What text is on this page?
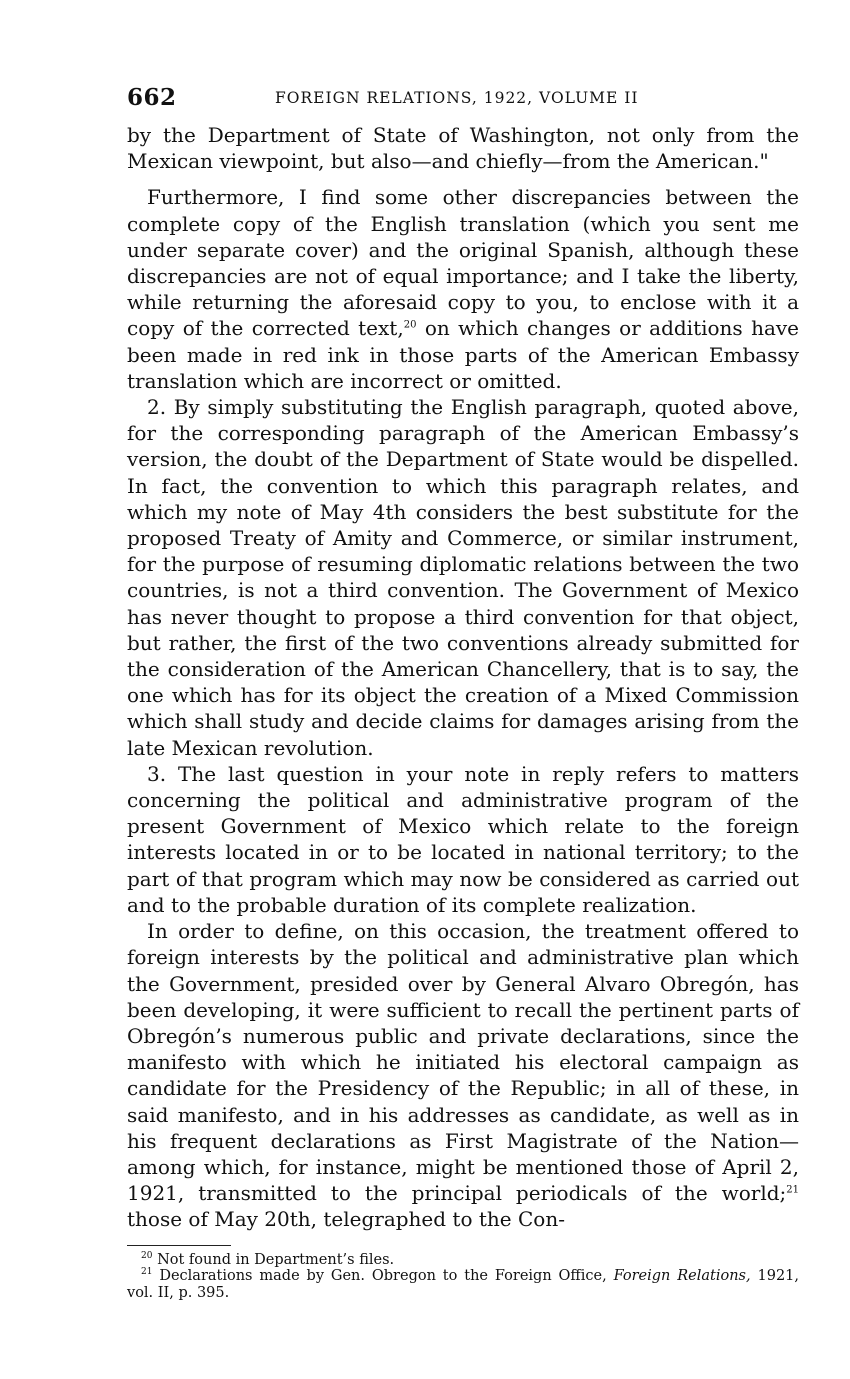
662	FOREIGN RELATIONS, 1922, VOLUME II

by the Department of State of Washington, not only from the Mexican viewpoint, but also—and chiefly—from the American."

Furthermore, I find some other discrepancies between the complete copy of the English translation (which you sent me under separate cover) and the original Spanish, although these discrepancies are not of equal importance; and I take the liberty, while returning the aforesaid copy to you, to enclose with it a copy of the corrected text,$^{20}$ on which changes or additions have been made in red ink in those parts of the American Embassy translation which are incorrect or omitted.

2. By simply substituting the English paragraph, quoted above, for the corresponding paragraph of the American Embassy’s version, the doubt of the Department of State would be dispelled. In fact, the convention to which this paragraph relates, and which my note of May 4th considers the best substitute for the proposed Treaty of Amity and Commerce, or similar instrument, for the purpose of resuming diplomatic relations between the two countries, is not a third convention. The Government of Mexico has never thought to propose a third convention for that object, but rather, the first of the two conventions already submitted for the consideration of the American Chancellery, that is to say, the one which has for its object the creation of a Mixed Commission which shall study and decide claims for damages arising from the late Mexican revolution.

3. The last question in your note in reply refers to matters concerning the political and administrative program of the present Government of Mexico which relate to the foreign interests located in or to be located in national territory; to the part of that program which may now be considered as carried out and to the probable duration of its complete realization.

In order to define, on this occasion, the treatment offered to foreign interests by the political and administrative plan which the Government, presided over by General Alvaro Obregón, has been developing, it were sufficient to recall the pertinent parts of Obregón’s numerous public and private declarations, since the manifesto with which he initiated his electoral campaign as candidate for the Presidency of the Republic; in all of these, in said manifesto, and in his addresses as candidate, as well as in his frequent declarations as First Magistrate of the Nation—among which, for instance, might be mentioned those of April 2, 1921, transmitted to the principal periodicals of the world;$^{21}$ those of May 20th, telegraphed to the Con-

$^{20}$ Not found in Department’s files.

$^{21}$ Declarations made by Gen. Obregon to the Foreign Office, Foreign Relations, 1921, vol. II, p. 395.
